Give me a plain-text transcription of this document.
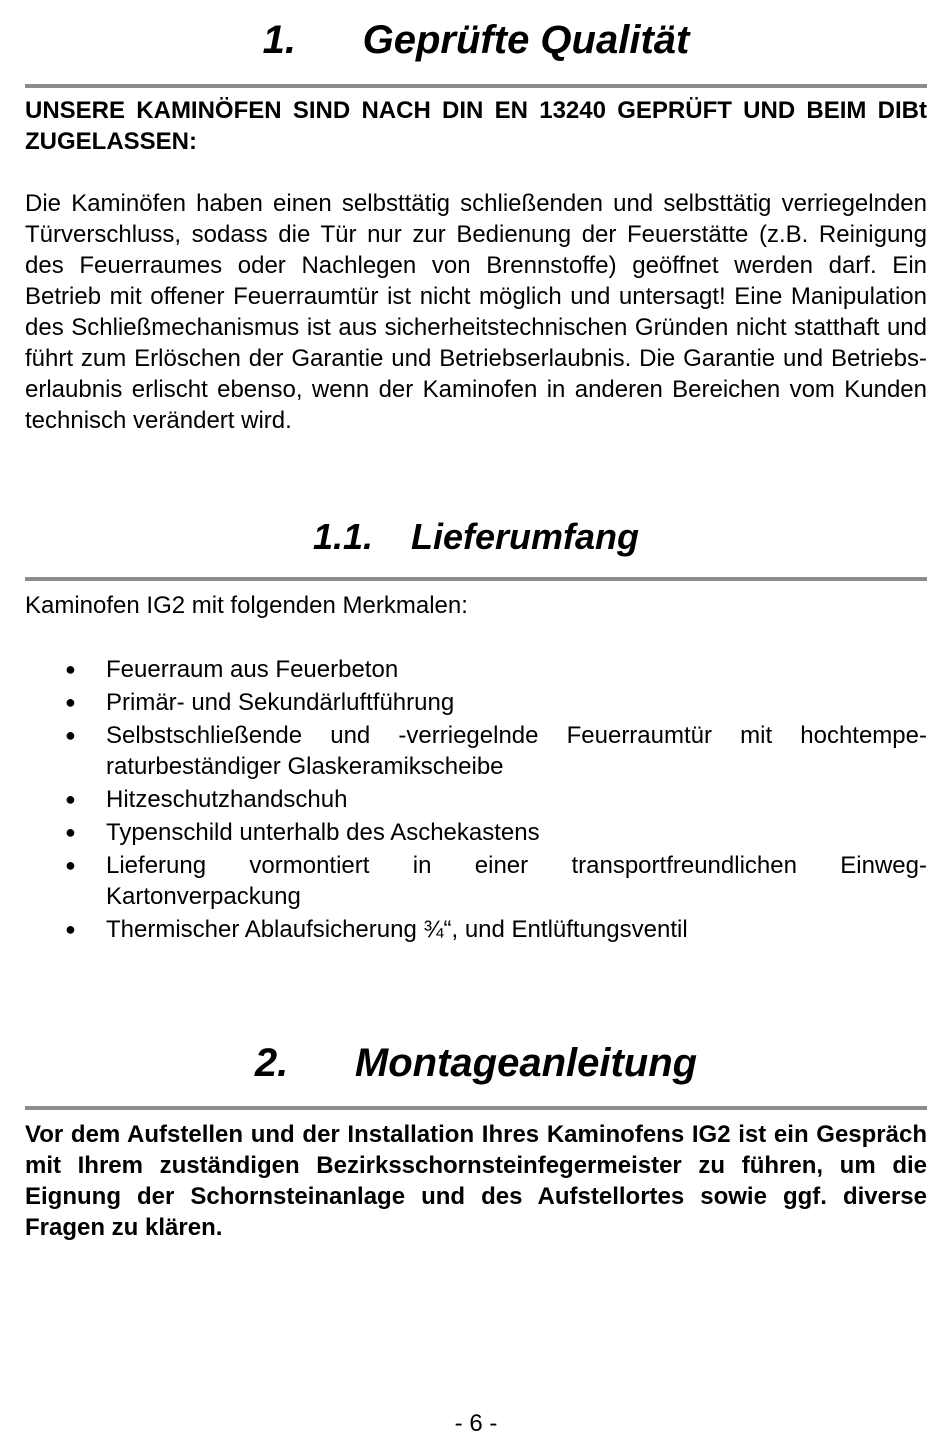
1. Geprüfte Qualität
UNSERE KAMINÖFEN SIND NACH DIN EN 13240 GEPRÜFT UND BEIM DIBt ZUGELASSEN:
Die Kaminöfen haben einen selbsttätig schließenden und selbsttätig verriegelnden Türverschluss, sodass die Tür nur zur Bedienung der Feuerstätte (z.B. Reinigung des Feuerraumes oder Nachlegen von Brennstoffe) geöffnet werden darf. Ein Betrieb mit offener Feuerraumtür ist nicht möglich und untersagt! Eine Manipulation des Schließmechanismus ist aus sicherheitstechnischen Gründen nicht statthaft und führt zum Erlöschen der Garantie und Betriebserlaubnis. Die Garantie und Betriebserlaubnis erlischt ebenso, wenn der Kaminofen in anderen Bereichen vom Kunden technisch verändert wird.
1.1. Lieferumfang
Kaminofen IG2 mit folgenden Merkmalen:
● Feuerraum aus Feuerbeton
● Primär- und Sekundärluftführung
● Selbstschließende und -verriegelnde Feuerraumtür mit hochtemperaturbeständiger Glaskeramikscheibe
● Hitzeschutzhandschuh
● Typenschild unterhalb des Aschekastens
● Lieferung vormontiert in einer transportfreundlichen Einweg-Kartonverpackung
● Thermischer Ablaufsicherung ¾“, und Entlüftungsventil
2. Montageanleitung
Vor dem Aufstellen und der Installation Ihres Kaminofens IG2 ist ein Gespräch mit Ihrem zuständigen Bezirksschornsteinfegermeister zu führen, um die Eignung der Schornsteinanlage und des Aufstellortes sowie ggf. diverse Fragen zu klären.
- 6 -
